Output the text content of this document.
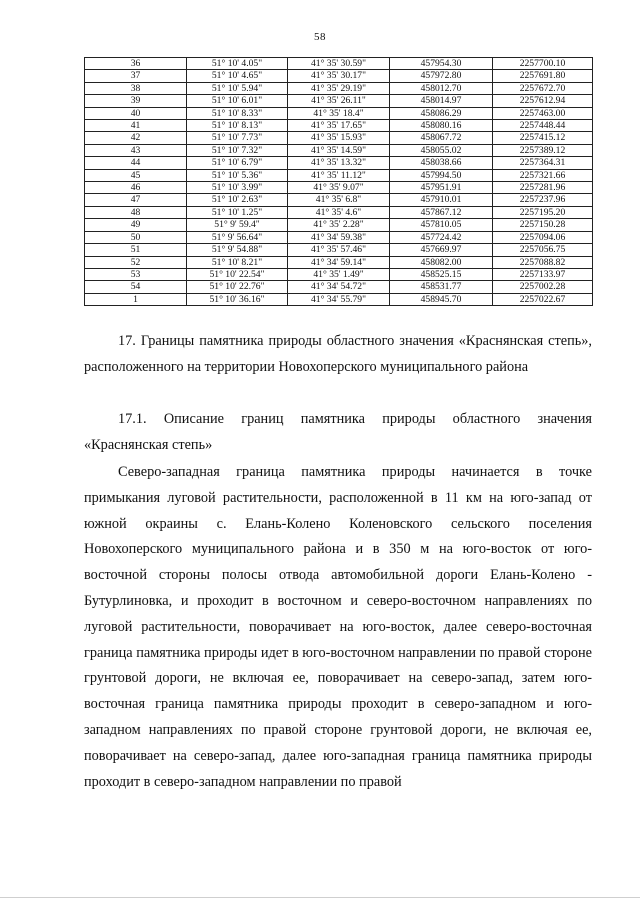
58
36	51° 10' 4.05"	41° 35' 30.59"	457954.30	2257700.10
37	51° 10' 4.65"	41° 35' 30.17"	457972.80	2257691.80
38	51° 10' 5.94"	41° 35' 29.19"	458012.70	2257672.70
39	51° 10' 6.01"	41° 35' 26.11"	458014.97	2257612.94
40	51° 10' 8.33"	41° 35' 18.4"	458086.29	2257463.00
41	51° 10' 8.13"	41° 35' 17.65"	458080.16	2257448.44
42	51° 10' 7.73"	41° 35' 15.93"	458067.72	2257415.12
43	51° 10' 7.32"	41° 35' 14.59"	458055.02	2257389.12
44	51° 10' 6.79"	41° 35' 13.32"	458038.66	2257364.31
45	51° 10' 5.36"	41° 35' 11.12"	457994.50	2257321.66
46	51° 10' 3.99"	41° 35' 9.07"	457951.91	2257281.96
47	51° 10' 2.63"	41° 35' 6.8"	457910.01	2257237.96
48	51° 10' 1.25"	41° 35' 4.6"	457867.12	2257195.20
49	51° 9' 59.4"	41° 35' 2.28"	457810.05	2257150.28
50	51° 9' 56.64"	41° 34' 59.38"	457724.42	2257094.06
51	51° 9' 54.88"	41° 35' 57.46"	457669.97	2257056.75
52	51° 10' 8.21"	41° 34' 59.14"	458082.00	2257088.82
53	51° 10' 22.54"	41° 35' 1.49"	458525.15	2257133.97
54	51° 10' 22.76"	41° 34' 54.72"	458531.77	2257002.28
1	51° 10' 36.16"	41° 34' 55.79"	458945.70	2257022.67

17. Границы памятника природы областного значения «Краснянская степь», расположенного на территории Новохоперского муниципального района

17.1. Описание границ памятника природы областного значения «Краснянская степь»

Северо-западная граница памятника природы начинается в точке примыкания луговой растительности, расположенной в 11 км на юго-запад от южной окраины с. Елань-Колено Коленовского сельского поселения Новохоперского муниципального района и в 350 м на юго-восток от юго-восточной стороны полосы отвода автомобильной дороги Елань-Колено - Бутурлиновка, и проходит в восточном и северо-восточном направлениях по луговой растительности, поворачивает на юго-восток, далее северо-восточная граница памятника природы идет в юго-восточном направлении по правой стороне грунтовой дороги, не включая ее, поворачивает на северо-запад, затем юго-восточная граница памятника природы проходит в северо-западном и юго-западном направлениях по правой стороне грунтовой дороги, не включая ее, поворачивает на северо-запад, далее юго-западная граница памятника природы проходит в северо-западном направлении по правой
